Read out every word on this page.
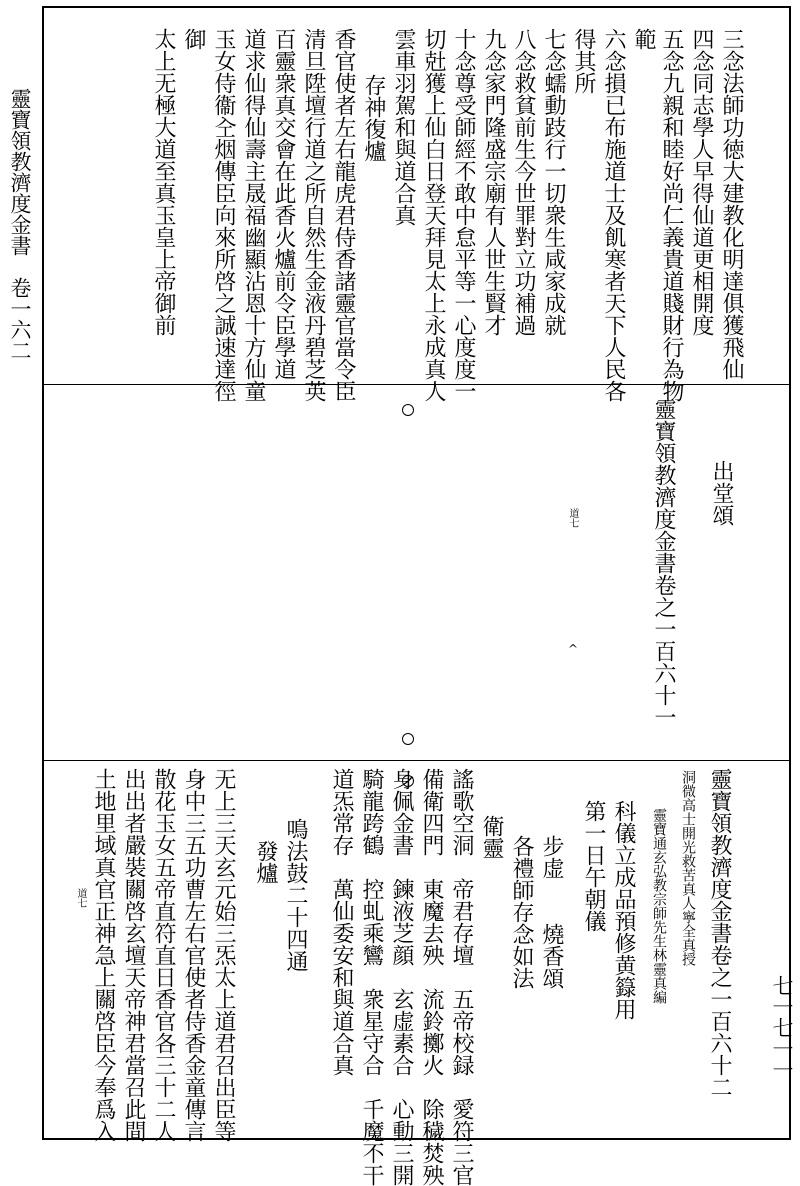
靈寶領教濟度金書　卷一六二
七一七一一
三念法師功徳大建教化明達俱獲飛仙
四念同志學人早得仙道更相開度
五念九親和睦好尚仁義貴道賤財行為物
範
六念損已布施道士及飢寒者天下人民各
得其所
七念蠕動跂行一切衆生咸家成就
八念救貧前生今世罪對立功補過
九念家門隆盛宗廟有人世生賢才
十念尊受師經不敢中怠平等一心度度一
切兙獲上仙白日登天拜見太上永成真人
雲車羽駕和與道合真
存神復爐
香官使者左右龍虎君侍香諸靈官當令臣
清旦陞壇行道之所自然生金液丹碧芝英
百靈衆真交會在此香火爐前令臣學道
道求仙得仙壽主晟福幽顯沾恩十方仙童
玉女侍衞㒰烟傳臣向來所啓之誠速達徑
御
太上无極大道至真玉皇上帝御前
出堂頌
靈寶領教濟度金書卷之一百六十一
道七
^
靈寶領教濟度金書卷之一百六十二
洞微高士開光救苦真人寧全真授
靈寶通玄弘教宗師先生林靈真編
科儀立成品預修黄籙用
第一日午朝儀
步虚　　燒香頌
各禮師存念如法
衛靈
謠歌空洞　帝君存壇　五帝校録　愛符三官
備衛四門　東魔去殃　流鈴擲火　除穢焚殃
身佩金書　鍊液芝顔　玄虚素合　心動三開
騎龍跨鶴　控虬乘鸞　衆星守合　千魔不干
道炁常存　萬仙委安和與道合真
鳴法鼓二十四通
發爐
无上三天玄元始三炁太上道君召出臣等
身中三五功曹左右官使者侍香金童傳言
散花玉女五帝直符直日香官各三十二人
出出者嚴裝關啓玄壇天帝神君當召此間
土地里域真官正神急上關啓臣今奉爲入
道七
